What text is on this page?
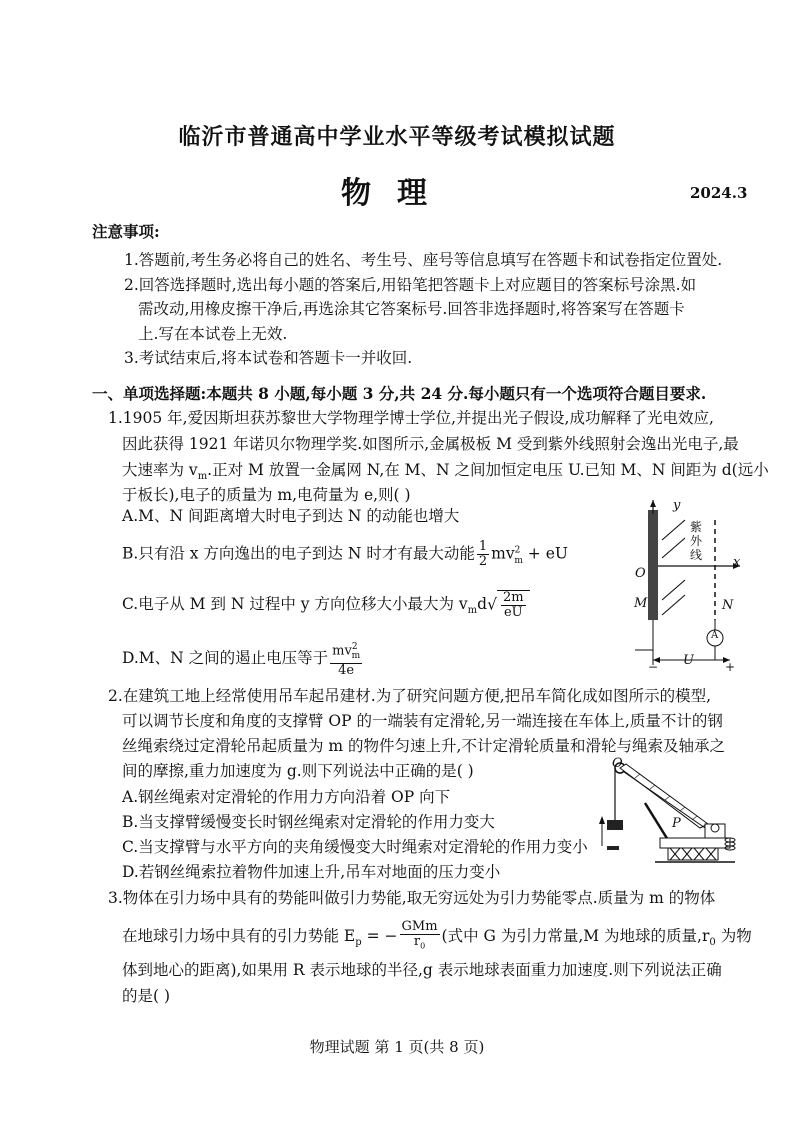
临沂市普通高中学业水平等级考试模拟试题
物理	2024.3
注意事项:
1.答题前,考生务必将自己的姓名、考生号、座号等信息填写在答题卡和试卷指定位置处.
2.回答选择题时,选出每小题的答案后,用铅笔把答题卡上对应题目的答案标号涂黑.如
需改动,用橡皮擦干净后,再选涂其它答案标号.回答非选择题时,将答案写在答题卡
上.写在本试卷上无效.
3.考试结束后,将本试卷和答题卡一并收回.
一、单项选择题:本题共 8 小题,每小题 3 分,共 24 分.每小题只有一个选项符合题目要求.
1.1905 年,爱因斯坦获苏黎世大学物理学博士学位,并提出光子假设,成功解释了光电效应,
因此获得 1921 年诺贝尔物理学奖.如图所示,金属极板 M 受到紫外线照射会逸出光电子,最
大速率为 $v_m$.正对 M 放置一金属网 N,在 M、N 之间加恒定电压 U.已知 M、N 间距为 d(远小
于板长),电子的质量为 m,电荷量为 e,则( )
A.M、N 间距离增大时电子到达 N 的动能也增大
B.只有沿 x 方向逸出的电子到达 N 时才有最大动能 $\frac{1}{2} mv^2_m$ + eU
C.电子从 M 到 N 过程中 y 方向位移大小最大为 $v_md√ \frac{2m}{eU}$
D.M、N 之间的遏止电压等于 $\frac{mv^2_m}{4e}$
y
x
O
M	N
U
A
紫外线
−	+
2.在建筑工地上经常使用吊车起吊建材.为了研究问题方便,把吊车简化成如图所示的模型,
可以调节长度和角度的支撑臂 OP 的一端装有定滑轮,另一端连接在车体上,质量不计的钢
丝绳索绕过定滑轮吊起质量为 m 的物件匀速上升,不计定滑轮质量和滑轮与绳索及轴承之
间的摩擦,重力加速度为 g.则下列说法中正确的是( )
A.钢丝绳索对定滑轮的作用力方向沿着 OP 向下
B.当支撑臂缓慢变长时钢丝绳索对定滑轮的作用力变大
C.当支撑臂与水平方向的夹角缓慢变大时绳索对定滑轮的作用力变小
D.若钢丝绳索拉着物件加速上升,吊车对地面的压力变小
O
P
3.物体在引力场中具有的势能叫做引力势能,取无穷远处为引力势能零点.质量为 m 的物体
在地球引力场中具有的引力势能 $E_p$ = − $\frac{\text{GMm}}{r_0}$ (式中 G 为引力常量,M 为地球的质量$,r_0$ 为物
体到地心的距离),如果用 R 表示地球的半径,g 表示地球表面重力加速度.则下列说法正确
的是( )
物理试题 第 1 页(共 8 页)
